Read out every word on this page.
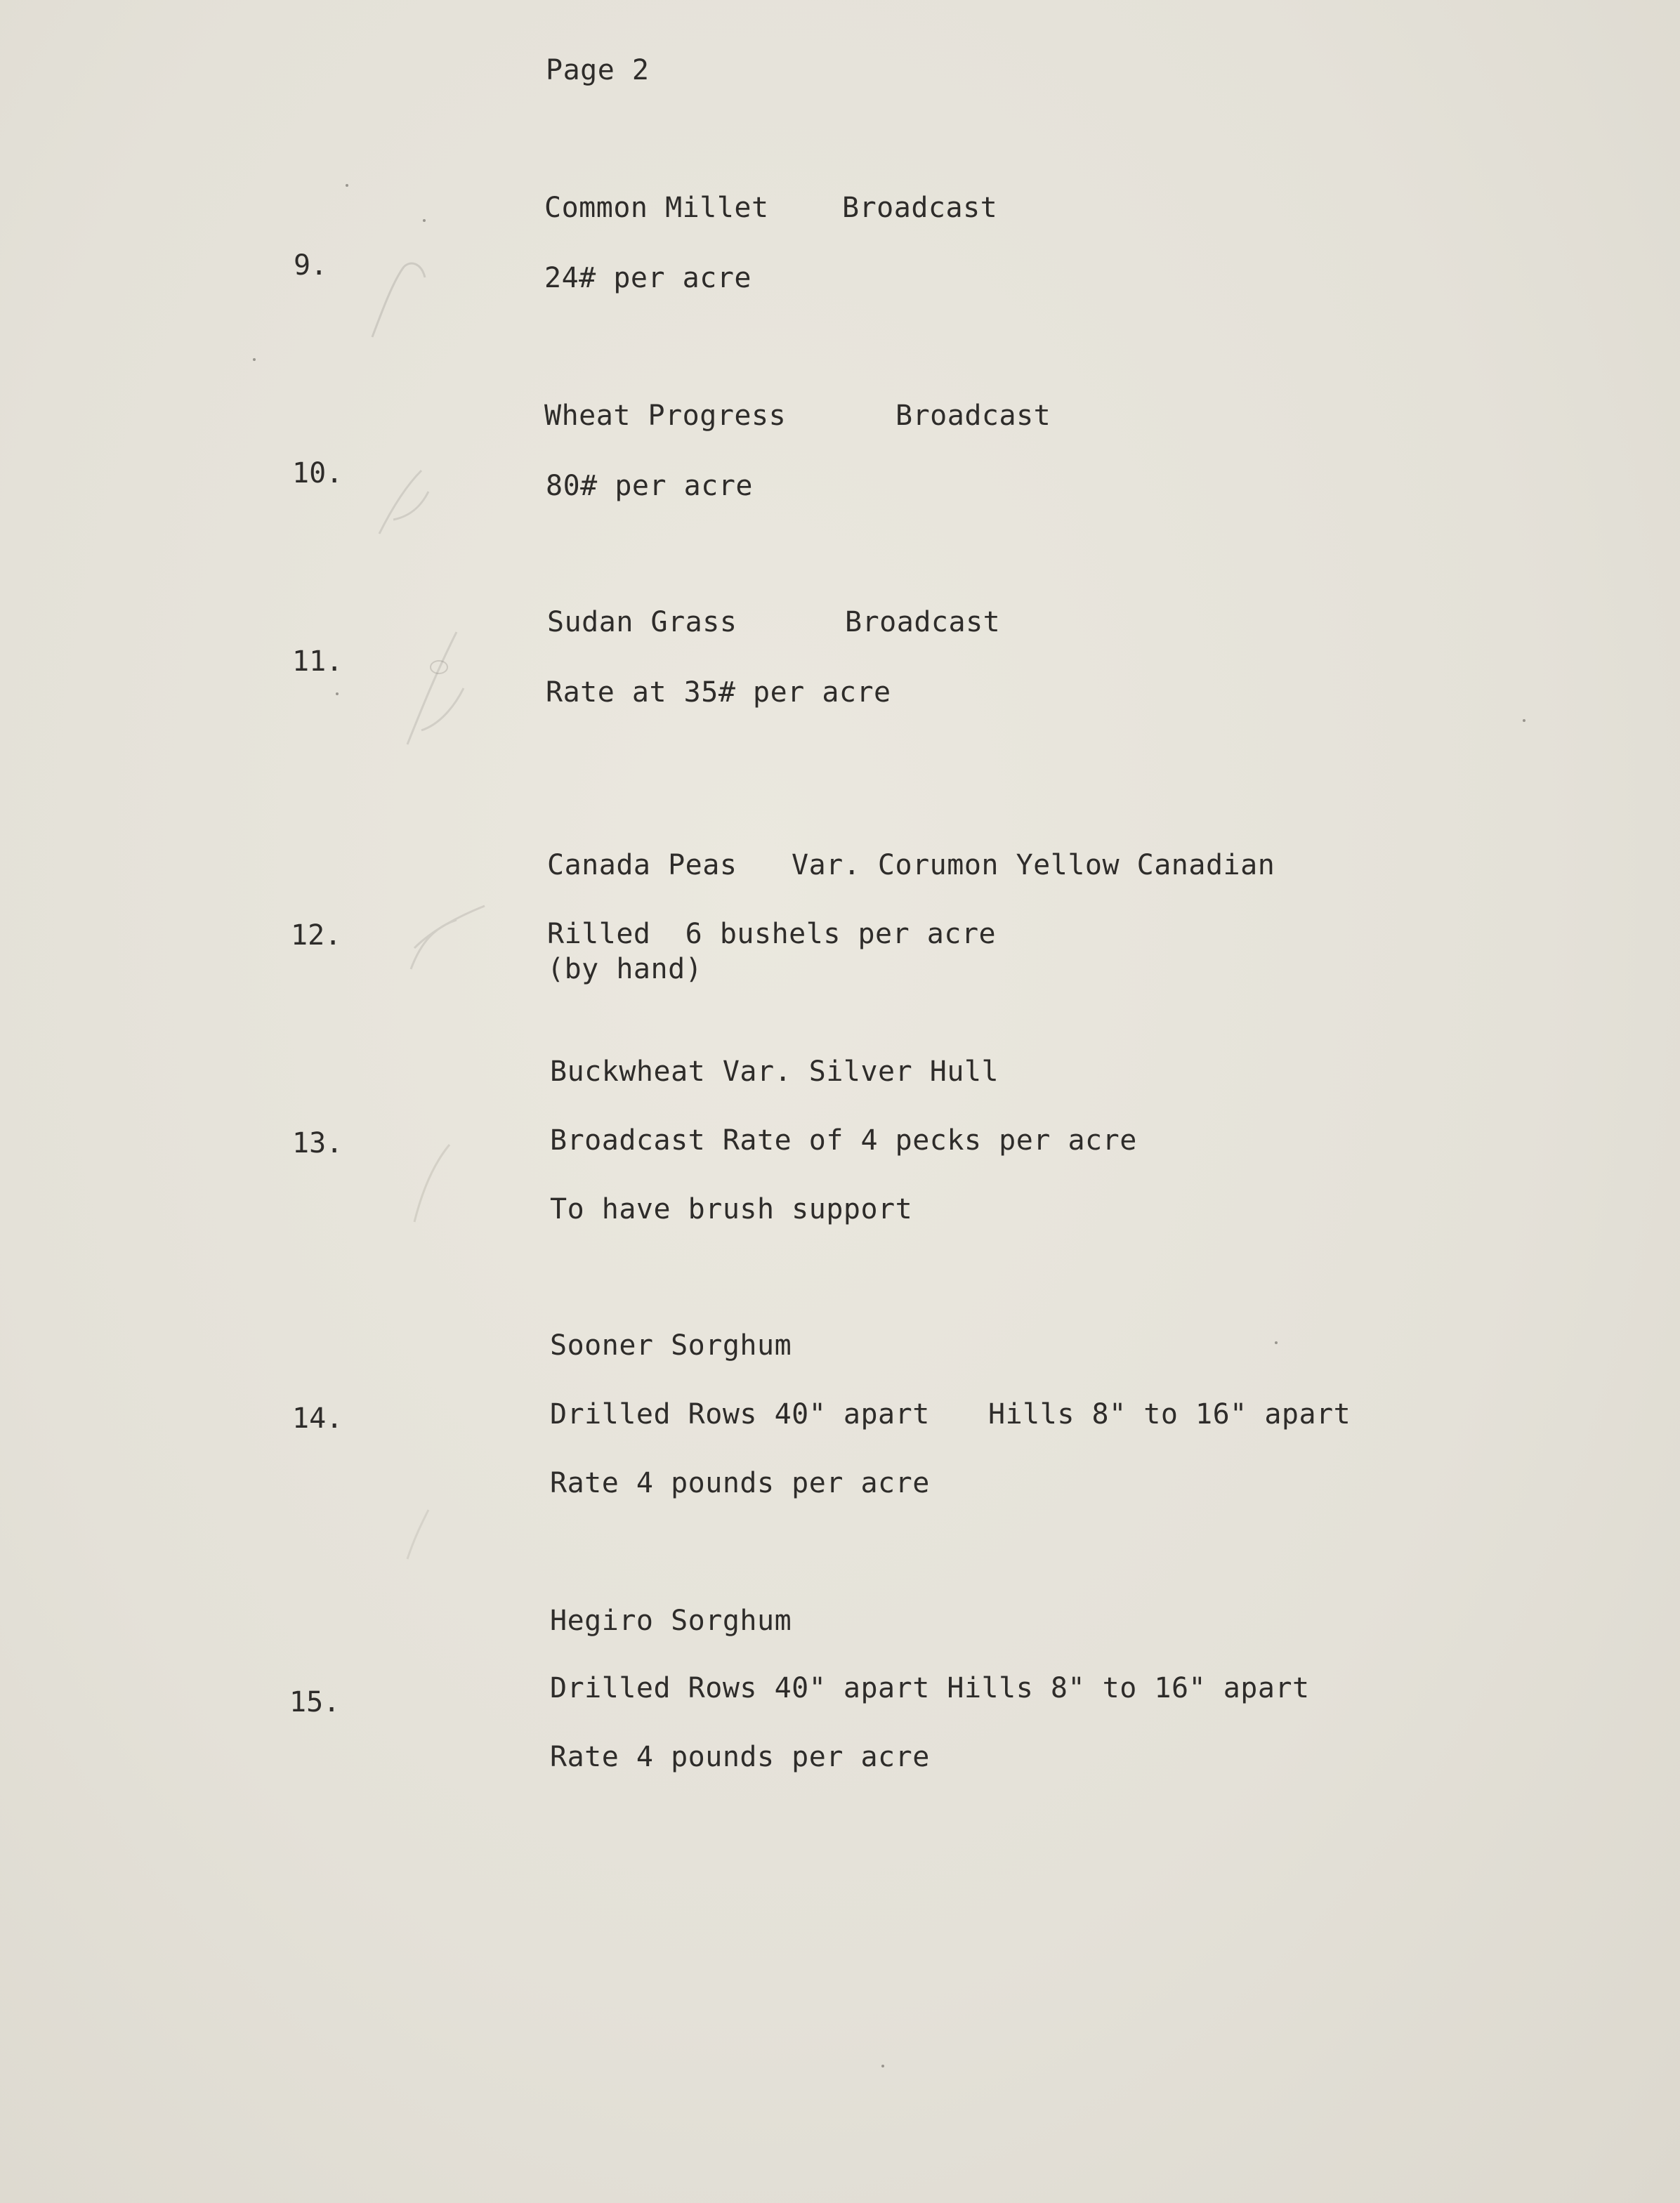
Page 2
Common Millet	Broadcast
9.	24# per acre
Wheat Progress	Broadcast
10.	80# per acre
Sudan Grass	Broadcast
11.
Rate at 35# per acre
Canada Peas Var. Corumon Yellow Canadian
12.	Rilled  6 bushels per acre
(by hand)
Buckwheat Var. Silver Hull
13.	Broadcast Rate of 4 pecks per acre
To have brush support
Sooner Sorghum
14.	Drilled Rows 40" apart Hills 8" to 16" apart
Rate 4 pounds per acre
Hegiro Sorghum
15.	Drilled Rows 40" apart Hills 8" to 16" apart
Rate 4 pounds per acre
